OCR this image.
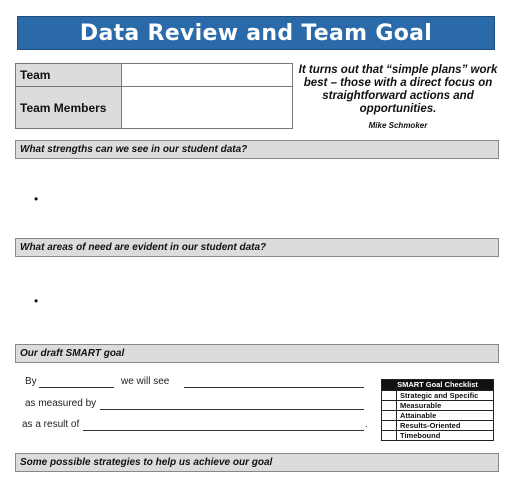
Data Review and Team Goal
Team	
Team Members	
It turns out that “simple plans” work best – those with a direct focus on straightforward actions and opportunities.
Mike Schmoker
What strengths can we see in our student data?
•
What areas of need are evident in our student data?
•
Our draft SMART goal
By	we will see
as measured by
as a result of	.
SMART Goal Checklist
Strategic and Specific
Measurable
Attainable
Results-Oriented
Timebound
Some possible strategies to help us achieve our goal
